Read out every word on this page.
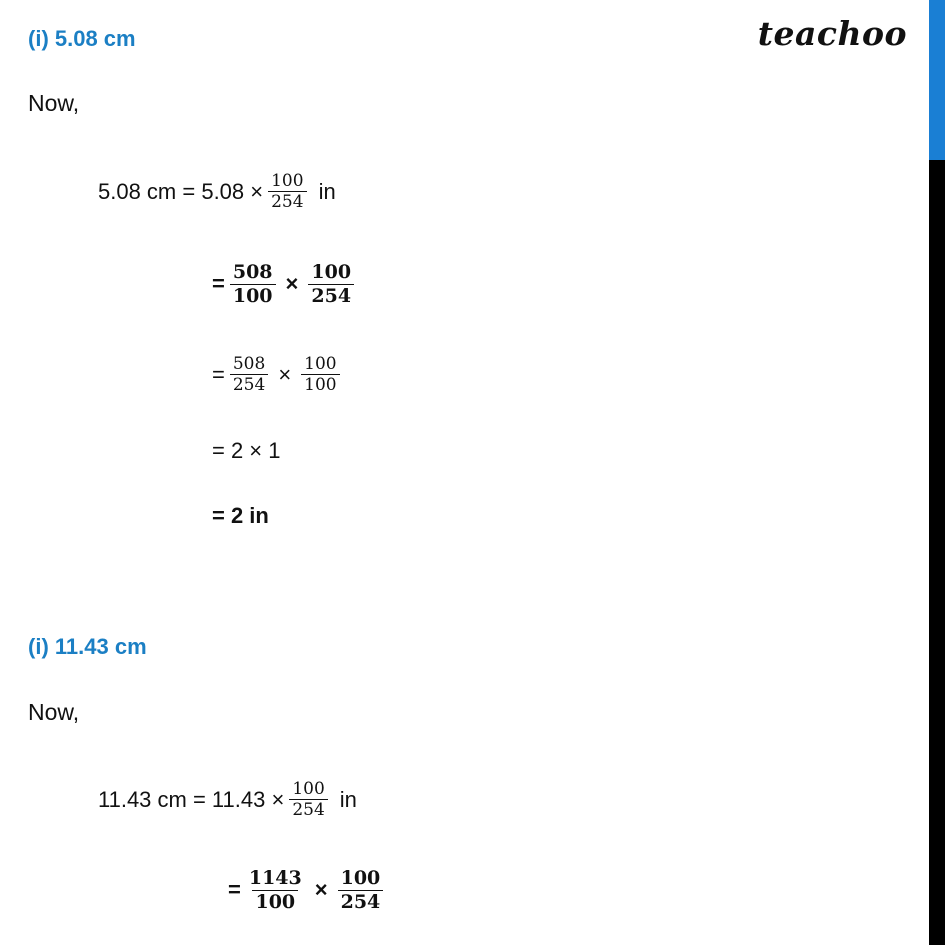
teachoo
(i) 5.08 cm
Now,
5.08 cm = $5.08 \times \frac{100}{254}$ in
= $\frac{508}{100} \times \frac{100}{254}$
= $\frac{508}{254} \times \frac{100}{100}$
= 2 × 1
= 2 in
(i) 11.43 cm
Now,
11.43 cm = $11.43 \times \frac{100}{254}$ in
= $\frac{1143}{100} \times \frac{100}{254}$
